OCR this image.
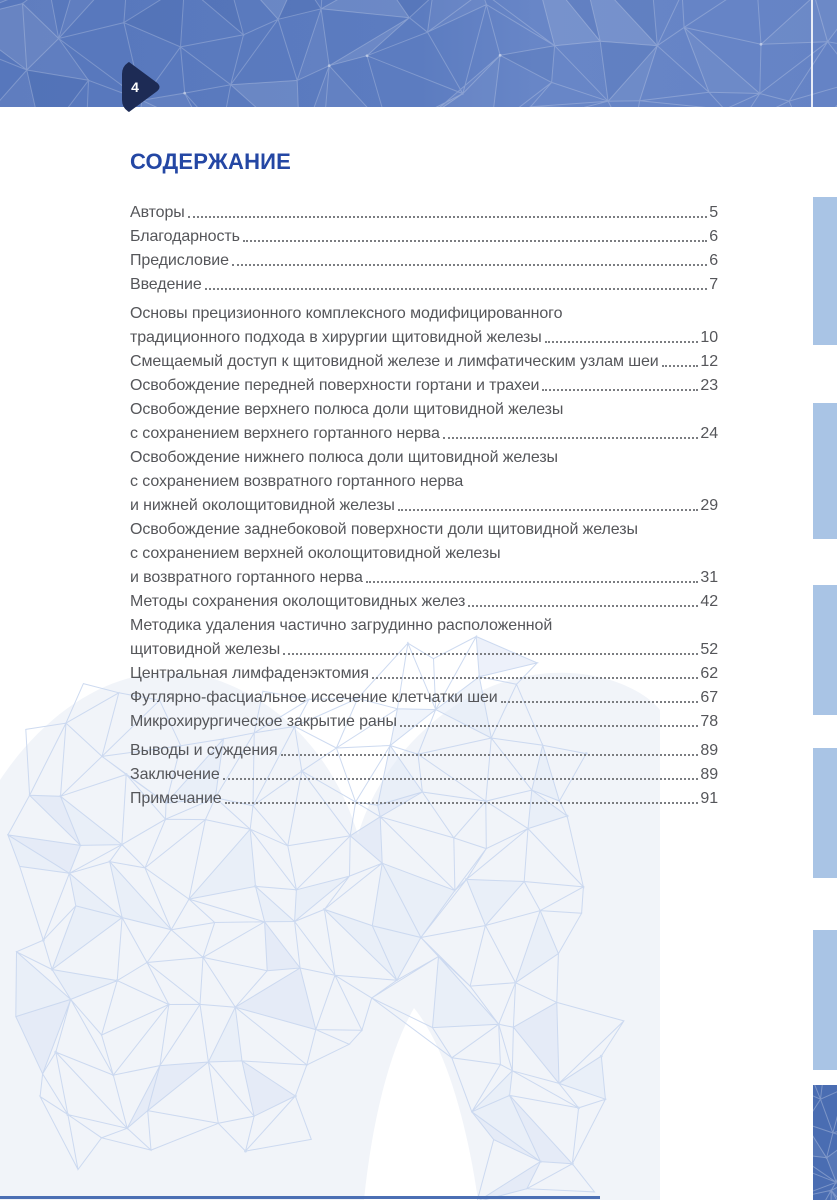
4
СОДЕРЖАНИЕ
Авторы	5
Благодарность	6
Предисловие	6
Введение	7
Основы прецизионного комплексного модифицированного
традиционного подхода в хирургии щитовидной железы	10
Смещаемый доступ к щитовидной железе и лимфатическим узлам шеи	12
Освобождение передней поверхности гортани и трахеи	23
Освобождение верхнего полюса доли щитовидной железы
с сохранением верхнего гортанного нерва	24
Освобождение нижнего полюса доли щитовидной железы
с сохранением возвратного гортанного нерва
и нижней околощитовидной железы	29
Освобождение заднебоковой поверхности доли щитовидной железы
с сохранением верхней околощитовидной железы
и возвратного гортанного нерва	31
Методы сохранения околощитовидных желез	42
Методика удаления частично загрудинно расположенной
щитовидной железы	52
Центральная лимфаденэктомия	62
Футлярно-фасциальное иссечение клетчатки шеи	67
Микрохирургическое закрытие раны	78
Выводы и суждения	89
Заключение	89
Примечание	91
